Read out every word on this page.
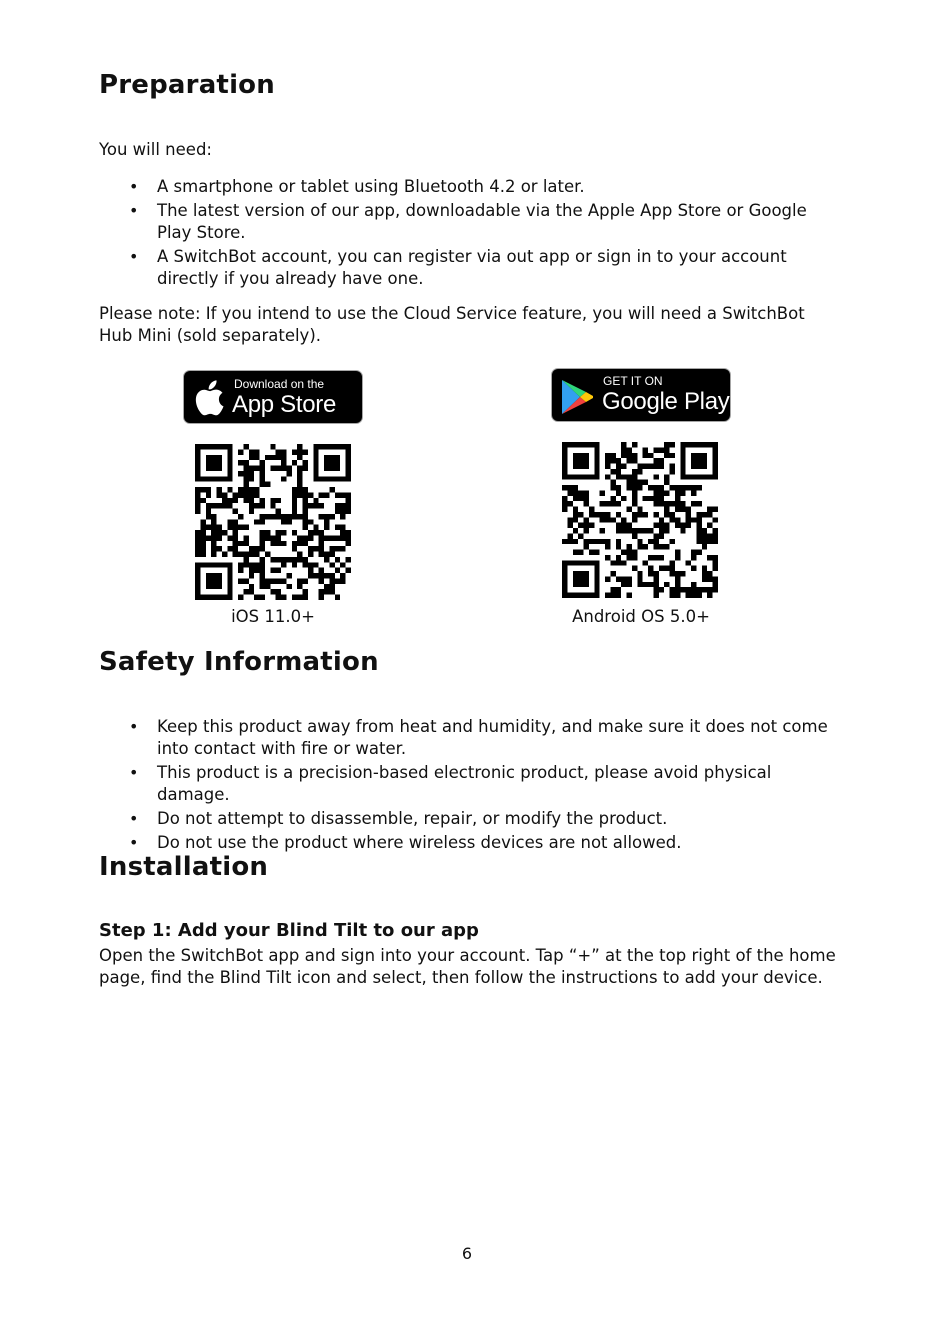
Preparation

You will need:

• A smartphone or tablet using Bluetooth 4.2 or later.
• The latest version of our app, downloadable via the Apple App Store or Google Play Store.
• A SwitchBot account, you can register via out app or sign in to your account directly if you already have one.

Please note: If you intend to use the Cloud Service feature, you will need a SwitchBot Hub Mini (sold separately).

Download on the
App Store
GET IT ON
Google Play
iOS 11.0+	Android OS 5.0+
Safety Information
• Keep this product away from heat and humidity, and make sure it does not come into contact with fire or water.
• This product is a precision-based electronic product, please avoid physical damage.
• Do not attempt to disassemble, repair, or modify the product.
• Do not use the product where wireless devices are not allowed.
Installation

Step 1: Add your Blind Tilt to our app

Open the SwitchBot app and sign into your account. Tap “+” at the top right of the home page, find the Blind Tilt icon and select, then follow the instructions to add your device.

6
